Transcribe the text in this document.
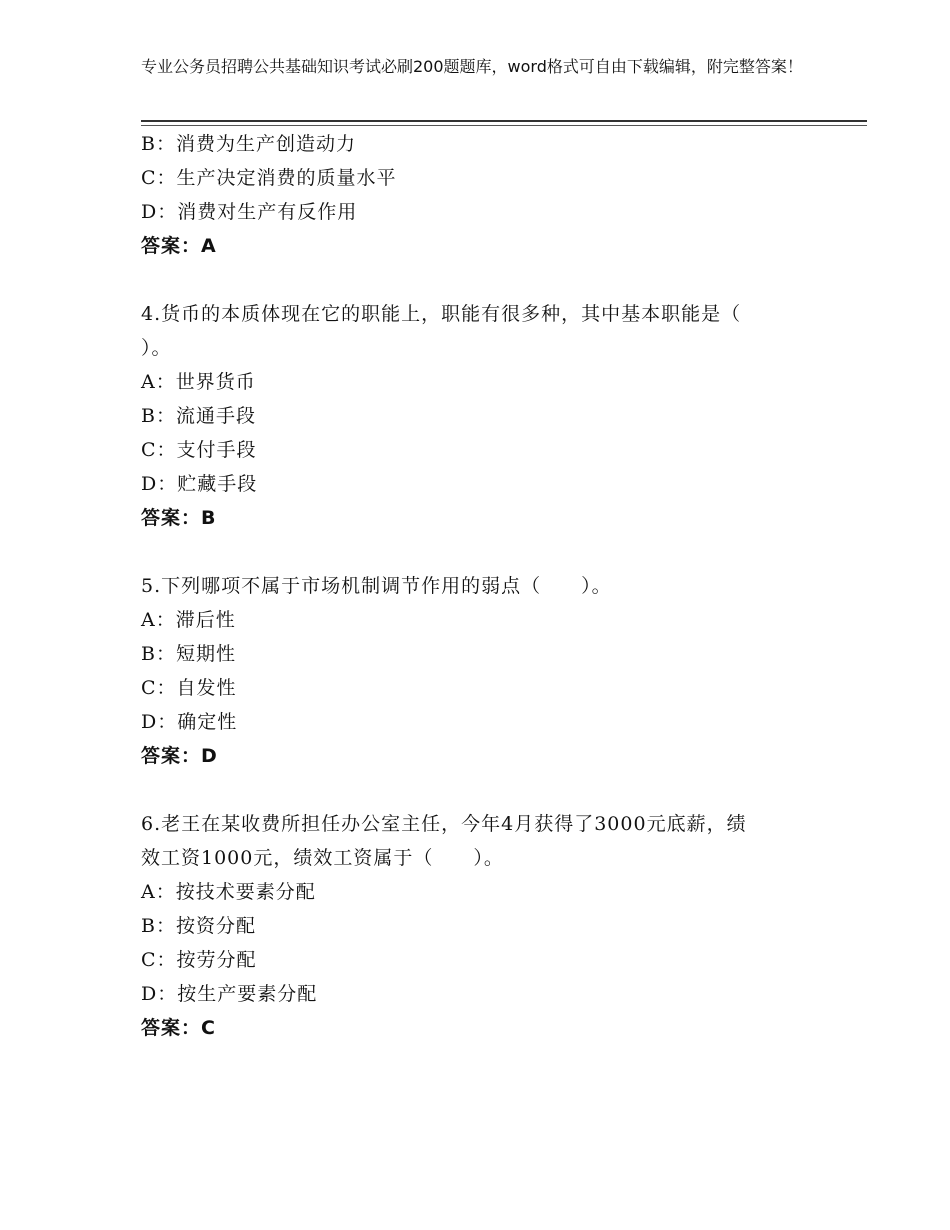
专业公务员招聘公共基础知识考试必刷200题题库，word格式可自由下载编辑，附完整答案！
B：消费为生产创造动力
C：生产决定消费的质量水平
D：消费对生产有反作用
答案：A
4.货币的本质体现在它的职能上，职能有很多种，其中基本职能是（
）。
A：世界货币
B：流通手段
C：支付手段
D：贮藏手段
答案：B
5.下列哪项不属于市场机制调节作用的弱点（　　）。
A：滞后性
B：短期性
C：自发性
D：确定性
答案：D
6.老王在某收费所担任办公室主任，今年4月获得了3000元底薪，绩
效工资1000元，绩效工资属于（　　）。
A：按技术要素分配
B：按资分配
C：按劳分配
D：按生产要素分配
答案：C
